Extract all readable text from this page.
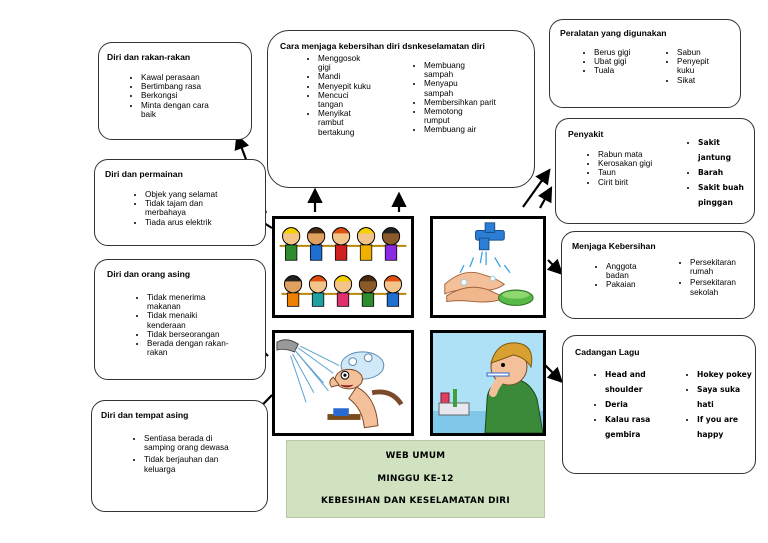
Diri dan rakan-rakan
• Kawal perasaan
• Bertimbang rasa
• Berkongsi
• Minta dengan cara baik
Diri dan permainan
• Objek yang selamat
• Tidak tajam dan merbahaya
• Tiada arus elektrik
Diri dan orang asing
• Tidak menerima makanan
• Tidak menaiki kenderaan
• Tidak berseorangan
• Berada dengan rakan-rakan
Diri dan tempat asing
• Sentiasa berada di samping orang dewasa
• Tidak berjauhan dan keluarga
Cara menjaga kebersihan diri dsnkeselamatan diri
• Menggosok gigi
• Mandi
• Menyepit kuku
• Mencuci tangan
• Menyikat rambut bertakung
• Membuang sampah
• Menyapu sampah
• Membersihkan parit
• Memotong rumput
• Membuang air
Peralatan yang digunakan
• Berus gigi
• Ubat gigi
• Tuala
• Sabun
• Penyepit kuku
• Sikat
Penyakit
• Rabun mata
• Kerosakan gigi
• Taun
• Cirit birit
• Sakit jantung
• Barah
• Sakit buah pinggan
Menjaga Kebersihan
• Anggota badan
• Pakaian
• Persekitaran rumah
• Persekitaran sekolah
Cadangan Lagu
• Head and shoulder
• Deria
• Kalau rasa gembira
• Hokey pokey
• Saya suka hati
• If you are happy
WEB UMUM
MINGGU KE-12
KEBESIHAN DAN KESELAMATAN DIRI
